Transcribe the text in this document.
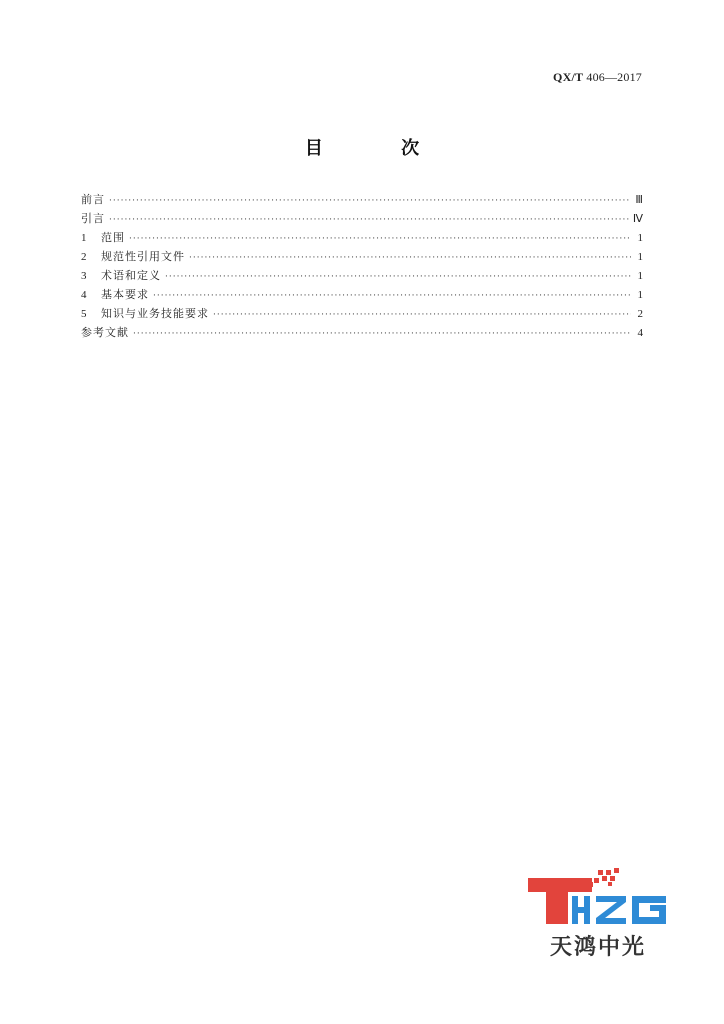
QX/T 406—2017
目 次
前言 ·····	Ⅲ
引言 ·····	Ⅳ
1	范围 ·····	1
2	规范性引用文件 ·····	1
3	术语和定义 ·····	1
4	基本要求 ·····	1
5	知识与业务技能要求 ·····	2
参考文献 ·····	4
天鸿中光
